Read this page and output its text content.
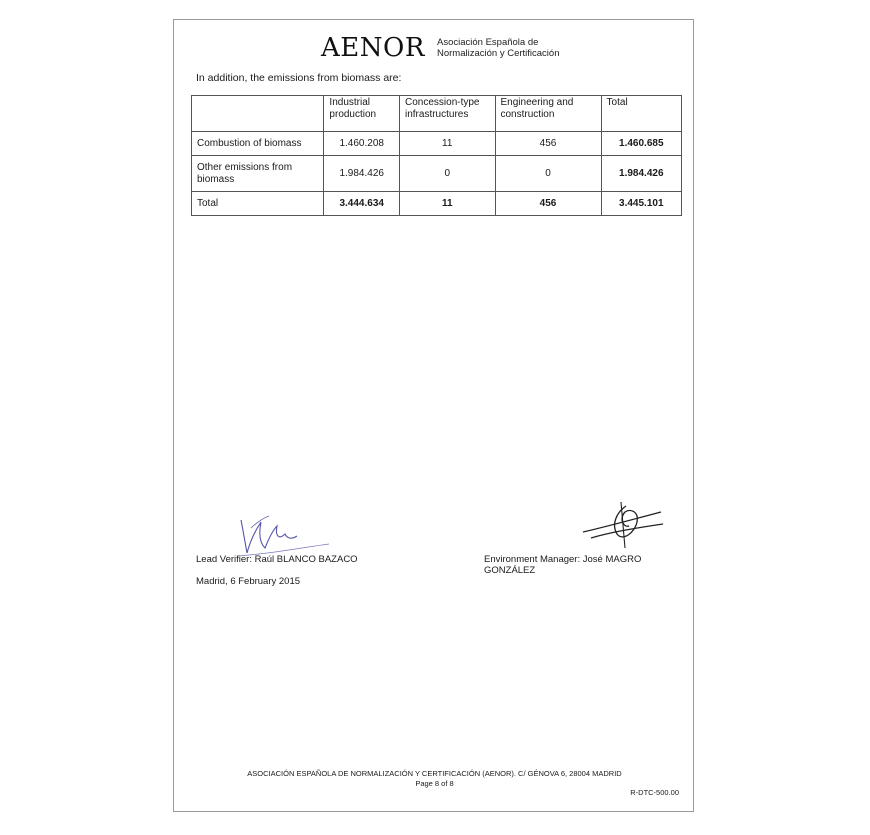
AENOR Asociación Española de
Normalización y Certificación
In addition, the emissions from biomass are:
	Industrial production	Concession-type infrastructures	Engineering and construction	Total
Combustion of biomass	1.460.208	11	456	1.460.685
Other emissions from biomass	1.984.426	0	0	1.984.426
Total	3.444.634	11	456	3.445.101
Lead Verifier: Raúl BLANCO BAZACO	Environment Manager: José MAGRO GONZÁLEZ
Madrid, 6 February 2015
ASOCIACIÓN ESPAÑOLA DE NORMALIZACIÓN Y CERTIFICACIÓN (AENOR). C/ GÉNOVA 6, 28004 MADRID
Page 8 of 8
R-DTC-500.00
